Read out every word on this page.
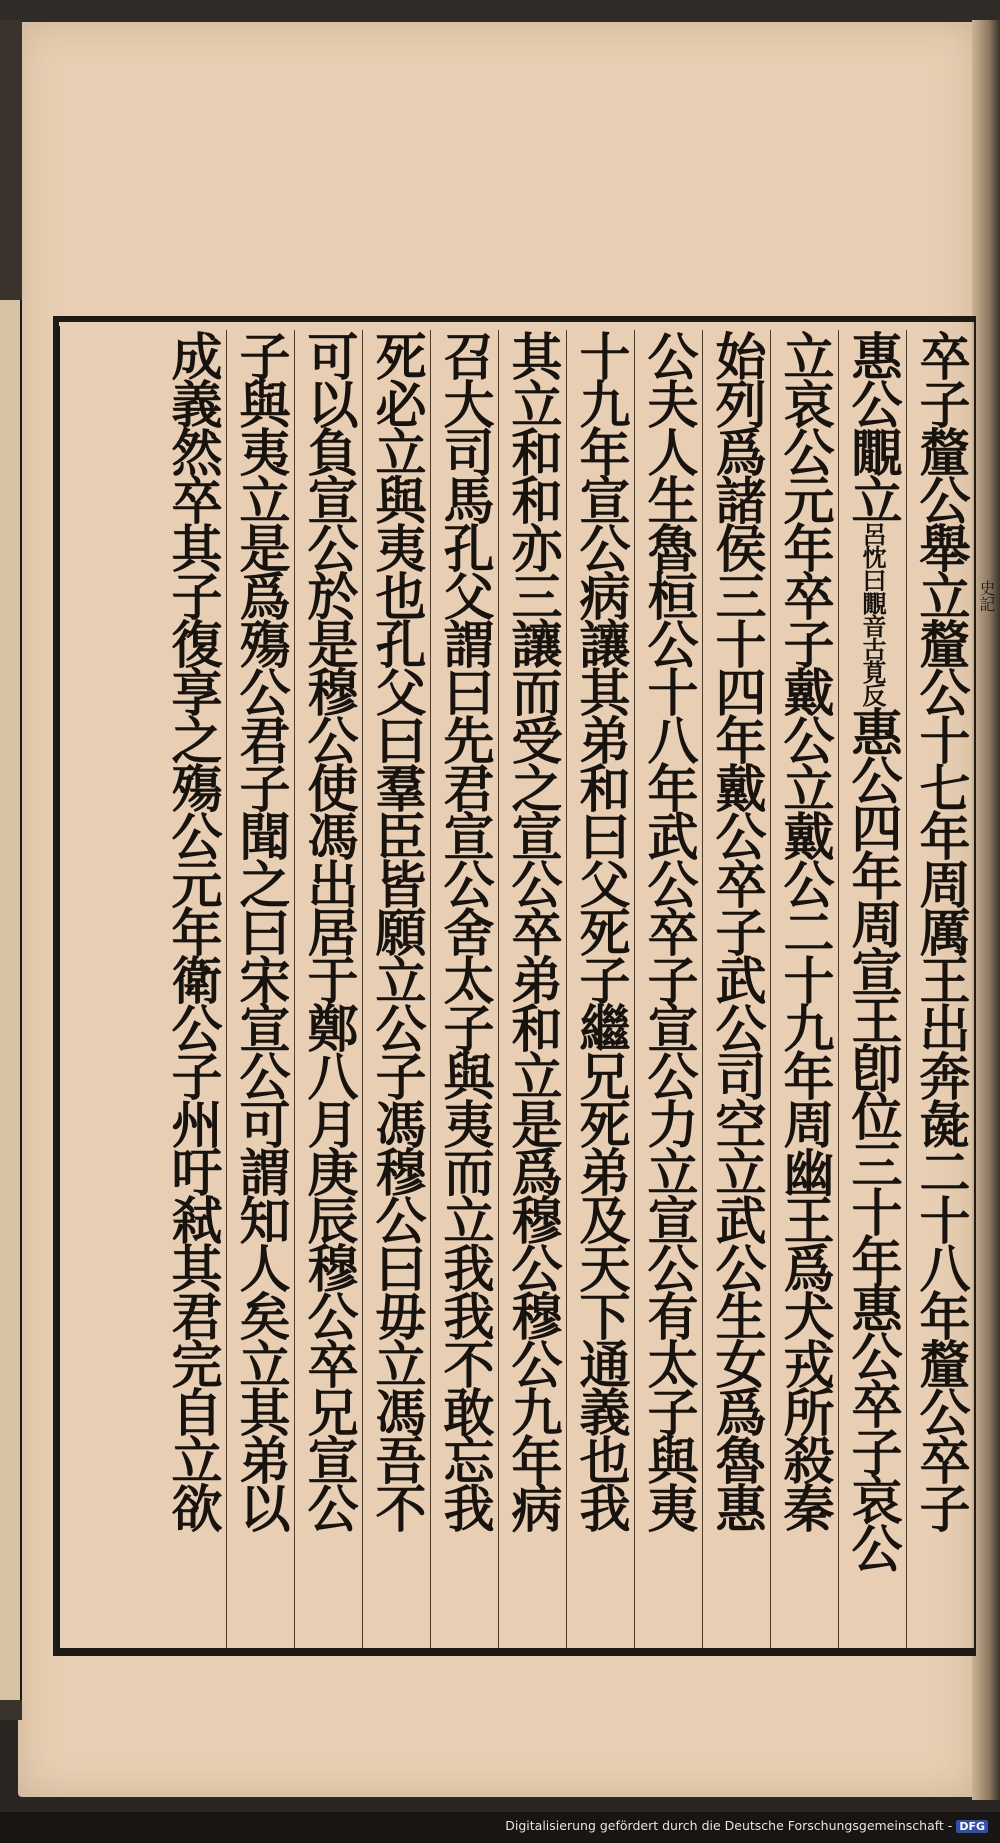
史記
卒子釐公舉立釐公十七年周厲王出奔彘二十八年釐公卒子
惠公覵立呂忱曰覵音古莧反惠公四年周宣王卽位三十年惠公卒子哀公
立哀公元年卒子戴公立戴公二十九年周幽王爲犬戎所殺秦
始列爲諸侯三十四年戴公卒子武公司空立武公生女爲魯惠
公夫人生魯桓公十八年武公卒子宣公力立宣公有太子與夷
十九年宣公病讓其弟和曰父死子繼兄死弟及天下通義也我
其立和和亦三讓而受之宣公卒弟和立是爲穆公穆公九年病
召大司馬孔父謂曰先君宣公舍太子與夷而立我我不敢忘我
死必立與夷也孔父曰羣臣皆願立公子馮穆公曰毋立馮吾不
可以負宣公於是穆公使馮出居于鄭八月庚辰穆公卒兄宣公
子與夷立是爲殤公君子聞之曰宋宣公可謂知人矣立其弟以
成義然卒其子復享之殤公元年衛公子州吁弒其君完自立欲
Digitalisierung gefördert durch die Deutsche Forschungsgemeinschaft - DFG
